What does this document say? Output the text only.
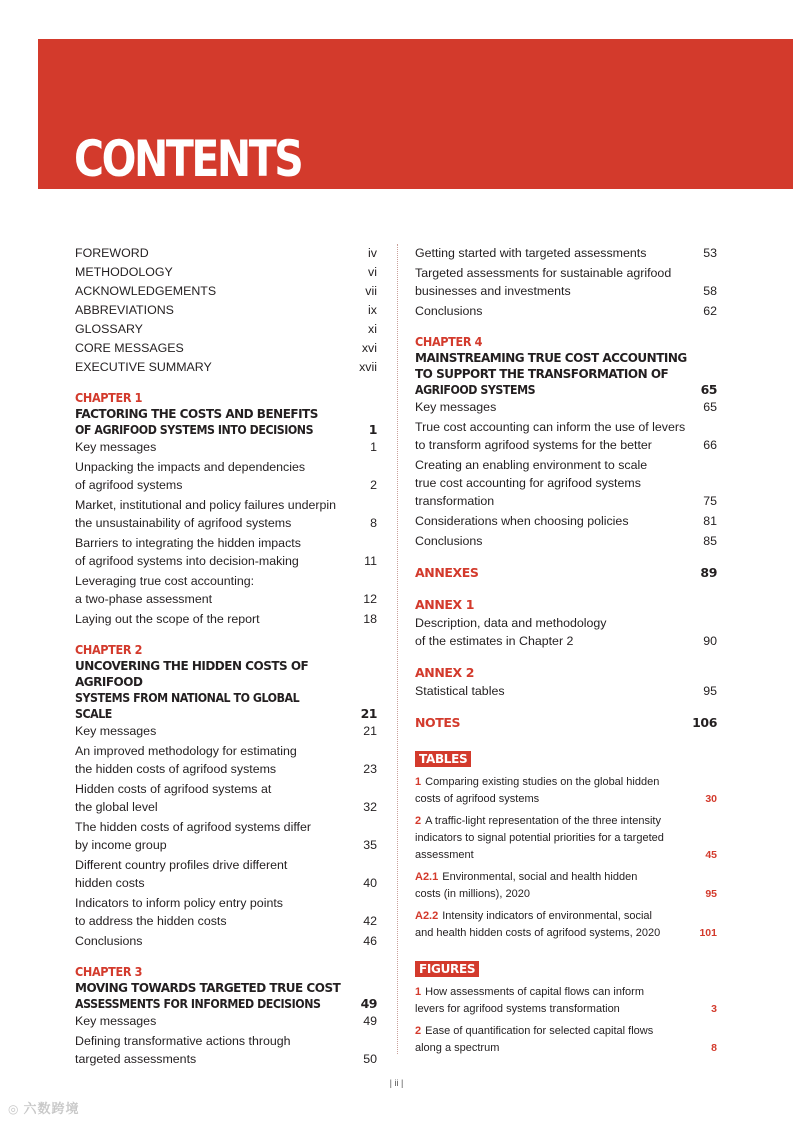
CONTENTS
FOREWORD	iv
METHODOLOGY	vi
ACKNOWLEDGEMENTS	vii
ABBREVIATIONS	ix
GLOSSARY	xi
CORE MESSAGES	xvi
EXECUTIVE SUMMARY	xvii
CHAPTER 1
FACTORING THE COSTS AND BENEFITS
OF AGRIFOOD SYSTEMS INTO DECISIONS	1
Key messages	1
Unpacking the impacts and dependencies
of agrifood systems	2
Market, institutional and policy failures underpin
the unsustainability of agrifood systems	8
Barriers to integrating the hidden impacts
of agrifood systems into decision-making	11
Leveraging true cost accounting:
a two-phase assessment	12
Laying out the scope of the report	18
CHAPTER 2
UNCOVERING THE HIDDEN COSTS OF AGRIFOOD
SYSTEMS FROM NATIONAL TO GLOBAL SCALE	21
Key messages	21
An improved methodology for estimating
the hidden costs of agrifood systems	23
Hidden costs of agrifood systems at
the global level	32
The hidden costs of agrifood systems differ
by income group	35
Different country profiles drive different
hidden costs	40
Indicators to inform policy entry points
to address the hidden costs	42
Conclusions	46
CHAPTER 3
MOVING TOWARDS TARGETED TRUE COST
ASSESSMENTS FOR INFORMED DECISIONS	49
Key messages	49
Defining transformative actions through
targeted assessments	50
Getting started with targeted assessments	53
Targeted assessments for sustainable agrifood
businesses and investments	58
Conclusions	62
CHAPTER 4
MAINSTREAMING TRUE COST ACCOUNTING
TO SUPPORT THE TRANSFORMATION OF
AGRIFOOD SYSTEMS	65
Key messages	65
True cost accounting can inform the use of levers
to transform agrifood systems for the better	66
Creating an enabling environment to scale
true cost accounting for agrifood systems
transformation	75
Considerations when choosing policies	81
Conclusions	85
ANNEXES	89
ANNEX 1
Description, data and methodology
of the estimates in Chapter 2	90
ANNEX 2
Statistical tables	95
NOTES	106
TABLES
1 Comparing existing studies on the global hidden
costs of agrifood systems	30
2 A traffic-light representation of the three intensity
indicators to signal potential priorities for a targeted
assessment	45
A2.1 Environmental, social and health hidden
costs (in millions), 2020	95
A2.2 Intensity indicators of environmental, social
and health hidden costs of agrifood systems, 2020	101
FIGURES
1 How assessments of capital flows can inform
levers for agrifood systems transformation	3
2 Ease of quantification for selected capital flows
along a spectrum	8
| ii |
◎ 六数跨境
